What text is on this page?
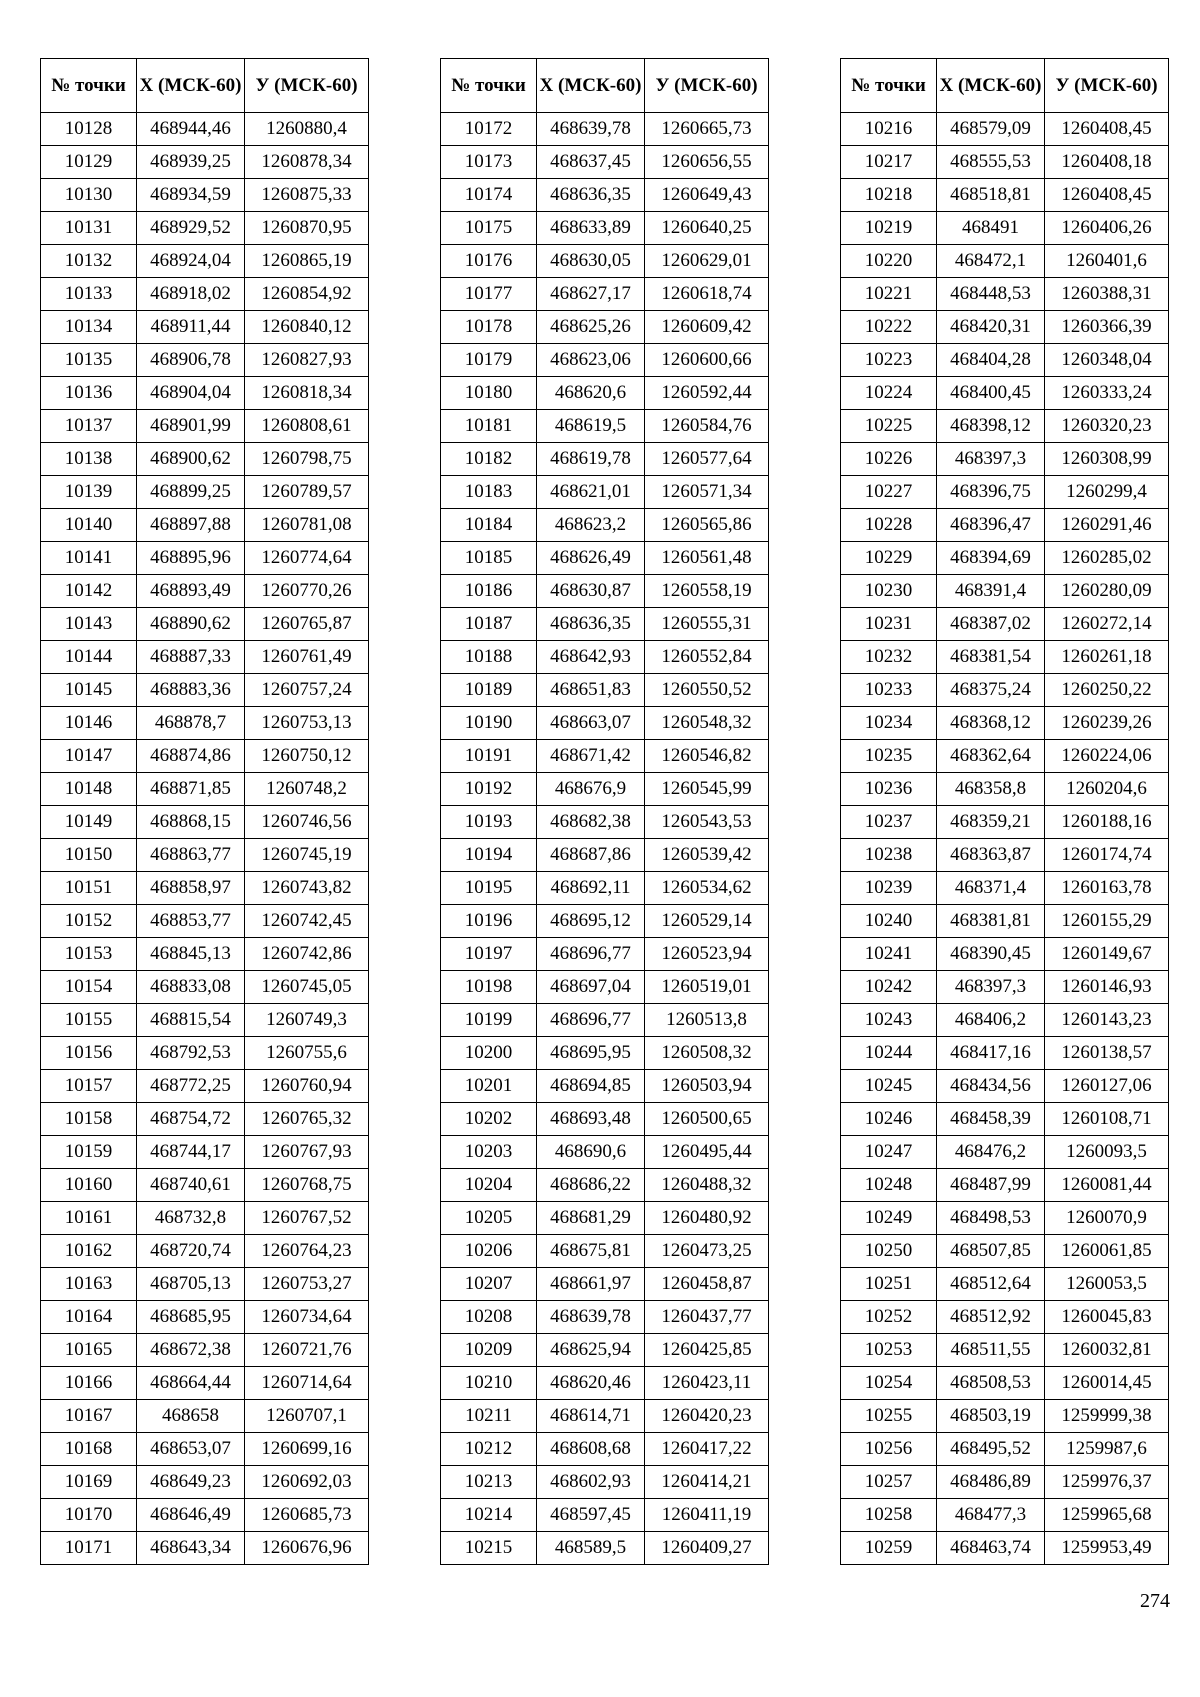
№ точки	X (МСК-60)	У (МСК-60)
10128	468944,46	1260880,4
10129	468939,25	1260878,34
10130	468934,59	1260875,33
10131	468929,52	1260870,95
10132	468924,04	1260865,19
10133	468918,02	1260854,92
10134	468911,44	1260840,12
10135	468906,78	1260827,93
10136	468904,04	1260818,34
10137	468901,99	1260808,61
10138	468900,62	1260798,75
10139	468899,25	1260789,57
10140	468897,88	1260781,08
10141	468895,96	1260774,64
10142	468893,49	1260770,26
10143	468890,62	1260765,87
10144	468887,33	1260761,49
10145	468883,36	1260757,24
10146	468878,7	1260753,13
10147	468874,86	1260750,12
10148	468871,85	1260748,2
10149	468868,15	1260746,56
10150	468863,77	1260745,19
10151	468858,97	1260743,82
10152	468853,77	1260742,45
10153	468845,13	1260742,86
10154	468833,08	1260745,05
10155	468815,54	1260749,3
10156	468792,53	1260755,6
10157	468772,25	1260760,94
10158	468754,72	1260765,32
10159	468744,17	1260767,93
10160	468740,61	1260768,75
10161	468732,8	1260767,52
10162	468720,74	1260764,23
10163	468705,13	1260753,27
10164	468685,95	1260734,64
10165	468672,38	1260721,76
10166	468664,44	1260714,64
10167	468658	1260707,1
10168	468653,07	1260699,16
10169	468649,23	1260692,03
10170	468646,49	1260685,73
10171	468643,34	1260676,96
№ точки	X (МСК-60)	У (МСК-60)
10172	468639,78	1260665,73
10173	468637,45	1260656,55
10174	468636,35	1260649,43
10175	468633,89	1260640,25
10176	468630,05	1260629,01
10177	468627,17	1260618,74
10178	468625,26	1260609,42
10179	468623,06	1260600,66
10180	468620,6	1260592,44
10181	468619,5	1260584,76
10182	468619,78	1260577,64
10183	468621,01	1260571,34
10184	468623,2	1260565,86
10185	468626,49	1260561,48
10186	468630,87	1260558,19
10187	468636,35	1260555,31
10188	468642,93	1260552,84
10189	468651,83	1260550,52
10190	468663,07	1260548,32
10191	468671,42	1260546,82
10192	468676,9	1260545,99
10193	468682,38	1260543,53
10194	468687,86	1260539,42
10195	468692,11	1260534,62
10196	468695,12	1260529,14
10197	468696,77	1260523,94
10198	468697,04	1260519,01
10199	468696,77	1260513,8
10200	468695,95	1260508,32
10201	468694,85	1260503,94
10202	468693,48	1260500,65
10203	468690,6	1260495,44
10204	468686,22	1260488,32
10205	468681,29	1260480,92
10206	468675,81	1260473,25
10207	468661,97	1260458,87
10208	468639,78	1260437,77
10209	468625,94	1260425,85
10210	468620,46	1260423,11
10211	468614,71	1260420,23
10212	468608,68	1260417,22
10213	468602,93	1260414,21
10214	468597,45	1260411,19
10215	468589,5	1260409,27
№ точки	X (МСК-60)	У (МСК-60)
10216	468579,09	1260408,45
10217	468555,53	1260408,18
10218	468518,81	1260408,45
10219	468491	1260406,26
10220	468472,1	1260401,6
10221	468448,53	1260388,31
10222	468420,31	1260366,39
10223	468404,28	1260348,04
10224	468400,45	1260333,24
10225	468398,12	1260320,23
10226	468397,3	1260308,99
10227	468396,75	1260299,4
10228	468396,47	1260291,46
10229	468394,69	1260285,02
10230	468391,4	1260280,09
10231	468387,02	1260272,14
10232	468381,54	1260261,18
10233	468375,24	1260250,22
10234	468368,12	1260239,26
10235	468362,64	1260224,06
10236	468358,8	1260204,6
10237	468359,21	1260188,16
10238	468363,87	1260174,74
10239	468371,4	1260163,78
10240	468381,81	1260155,29
10241	468390,45	1260149,67
10242	468397,3	1260146,93
10243	468406,2	1260143,23
10244	468417,16	1260138,57
10245	468434,56	1260127,06
10246	468458,39	1260108,71
10247	468476,2	1260093,5
10248	468487,99	1260081,44
10249	468498,53	1260070,9
10250	468507,85	1260061,85
10251	468512,64	1260053,5
10252	468512,92	1260045,83
10253	468511,55	1260032,81
10254	468508,53	1260014,45
10255	468503,19	1259999,38
10256	468495,52	1259987,6
10257	468486,89	1259976,37
10258	468477,3	1259965,68
10259	468463,74	1259953,49
274
